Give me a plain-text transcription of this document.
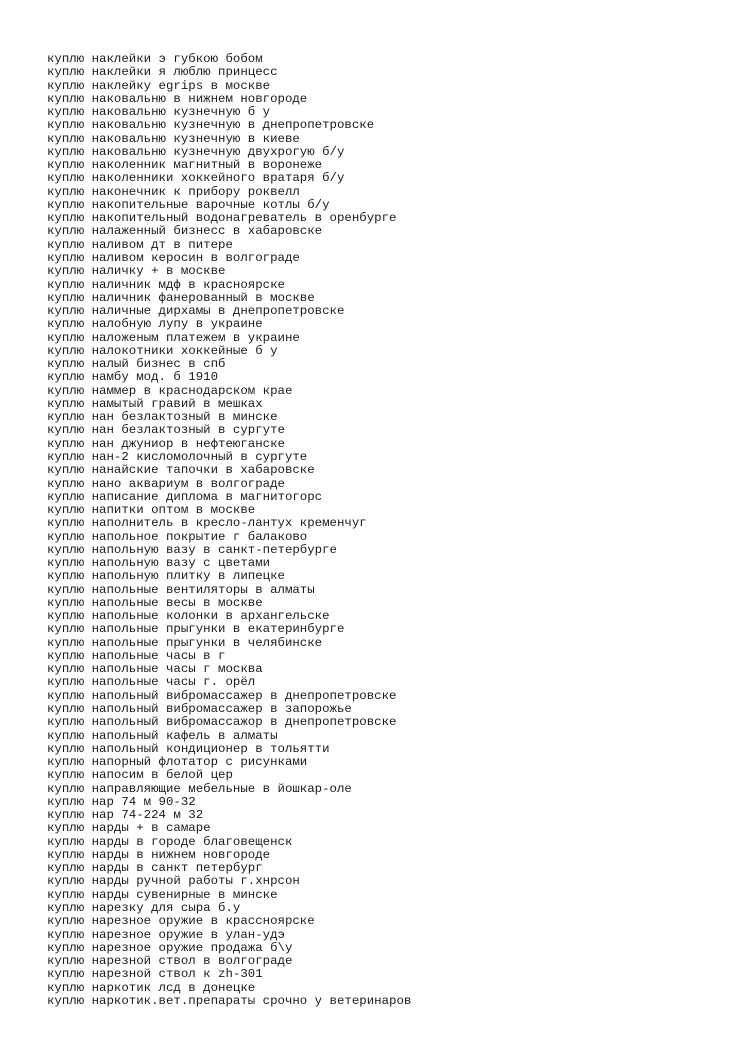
куплю наклейки э губкою бобом
куплю наклейки я люблю принцесс
куплю наклейку egrips в москве
куплю наковальню в нижнем новгороде
куплю наковальню кузнечную б у
куплю наковальню кузнечную в днепропетровске
куплю наковальню кузнечную в киеве
куплю наковальню кузнечную двухрогую б/у
куплю наколенник магнитный в воронеже
куплю наколенники хоккейного вратаря б/у
куплю наконечник к прибору роквелл
куплю накопительные варочные котлы б/у
куплю накопительный водонагреватель в оренбурге
куплю налаженный бизнесс в хабаровске
куплю наливом дт в питере
куплю наливом керосин в волгограде
куплю наличку + в москве
куплю наличник мдф в красноярске
куплю наличник фанерованный в москве
куплю наличные дирхамы в днепропетровске
куплю налобную лупу в украине
куплю наложеным платежем в украине
куплю налокотники хоккейные б у
куплю налый бизнес в спб
куплю намбу мод. б 1910
куплю наммер в краснодарском крае
куплю намытый гравий в мешках
куплю нан безлактозный в минске
куплю нан безлактозный в сургуте
куплю нан джуниор в нефтеюганске
куплю нан-2 кисломолочный в сургуте
куплю нанайские тапочки в хабаровске
куплю нано аквариум в волгограде
куплю написание диплома в магнитогорс
куплю напитки оптом в москве
куплю наполнитель в кресло-лантух кременчуг
куплю напольное покрытие г балаково
куплю напольную вазу в санкт-петербурге
куплю напольную вазу с цветами
куплю напольную плитку в липецке
куплю напольные вентиляторы в алматы
куплю напольные весы в москве
куплю напольные колонки в архангельске
куплю напольные прыгунки в екатеринбурге
куплю напольные прыгунки в челябинске
куплю напольные часы в г
куплю напольные часы г москва
куплю напольные часы г. орёл
куплю напольный вибромассажер в днепропетровске
куплю напольный вибромассажер в запорожье
куплю напольный вибромассажор в днепропетровске
куплю напольный кафель в алматы
куплю напольный кондиционер в тольятти
куплю напорный флотатор с рисунками
куплю напосим в белой цер
куплю направляющие мебельные в йошкар-оле
куплю нар 74 м 90-32
куплю нар 74-224 м 32
куплю нарды + в самаре
куплю нарды в городе благовещенск
куплю нарды в нижнем новгороде
куплю нарды в санкт петербург
куплю нарды ручной работы г.хнрсон
куплю нарды сувенирные в минске
куплю нарезку для сыра б.у
куплю нарезное оружие в красснoярске
куплю нарезное оружие в улан-удэ
куплю нарезное оружие продажа б\у
куплю нарезной ствол в волгограде
куплю нарезной ствол к zh-301
куплю наркотик лсд в донецке
куплю наркотик.вет.препараты срочно у ветеринаров
